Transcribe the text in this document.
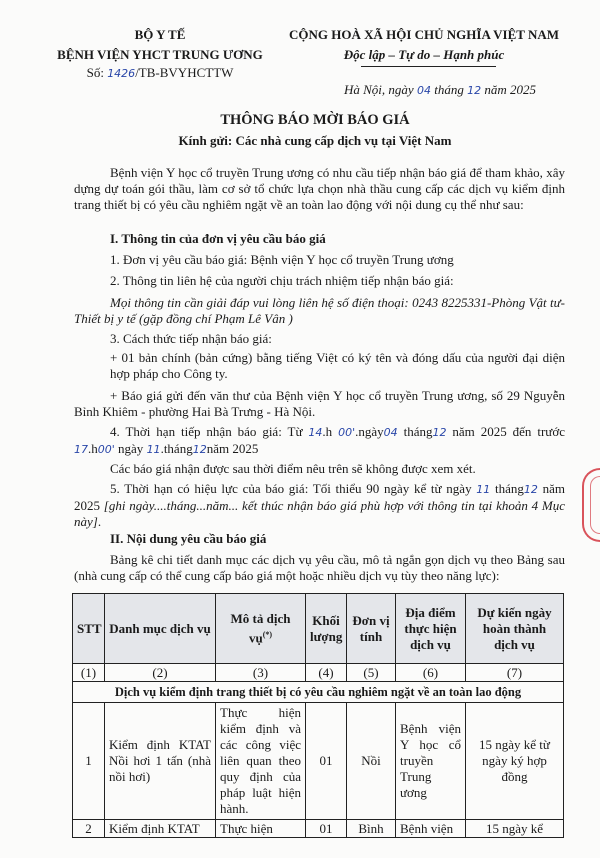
BỘ Y TẾ
BỆNH VIỆN YHCT TRUNG ƯƠNG
Số: 1426/TB-BVYHCTTW
CỘNG HOÀ XÃ HỘI CHỦ NGHĨA VIỆT NAM
Độc lập – Tự do – Hạnh phúc
Hà Nội, ngày 04 tháng 12 năm 2025
THÔNG BÁO MỜI BÁO GIÁ
Kính gửi: Các nhà cung cấp dịch vụ tại Việt Nam
Bệnh viện Y học cổ truyền Trung ương có nhu cầu tiếp nhận báo giá để tham khảo, xây dựng dự toán gói thầu, làm cơ sở tổ chức lựa chọn nhà thầu cung cấp các dịch vụ kiểm định trang thiết bị có yêu cầu nghiêm ngặt về an toàn lao động với nội dung cụ thể như sau:
I. Thông tin của đơn vị yêu cầu báo giá
1. Đơn vị yêu cầu báo giá: Bệnh viện Y học cổ truyền Trung ương
2. Thông tin liên hệ của người chịu trách nhiệm tiếp nhận báo giá:
Mọi thông tin cần giải đáp vui lòng liên hệ số điện thoại: 0243 8225331-Phòng Vật tư-Thiết bị y tế (gặp đồng chí Phạm Lê Vân )
3. Cách thức tiếp nhận báo giá:
+ 01 bản chính (bản cứng) bằng tiếng Việt có ký tên và đóng dấu của người đại diện hợp pháp cho Công ty.
+ Báo giá gửi đến văn thư của Bệnh viện Y học cổ truyền Trung ương, số 29 Nguyễn Bỉnh Khiêm - phường Hai Bà Trưng - Hà Nội.
4. Thời hạn tiếp nhận báo giá: Từ 14.h 00'.ngày04 tháng12 năm 2025 đến trước 17.h00' ngày 11.tháng12năm 2025
Các báo giá nhận được sau thời điểm nêu trên sẽ không được xem xét.
5. Thời hạn có hiệu lực của báo giá: Tối thiểu 90 ngày kể từ ngày 11 tháng12 năm 2025 [ghi ngày....tháng...năm... kết thúc nhận báo giá phù hợp với thông tin tại khoản 4 Mục này].
II. Nội dung yêu cầu báo giá
Bảng kê chi tiết danh mục các dịch vụ yêu cầu, mô tả ngắn gọn dịch vụ theo Bảng sau (nhà cung cấp có thể cung cấp báo giá một hoặc nhiều dịch vụ tùy theo năng lực):
STT	Danh mục dịch vụ	Mô tả dịch vụ(*)	Khối lượng	Đơn vị tính	Địa điểm thực hiện dịch vụ	Dự kiến ngày hoàn thành dịch vụ
(1)	(2)	(3)	(4)	(5)	(6)	(7)
Dịch vụ kiểm định trang thiết bị có yêu cầu nghiêm ngặt về an toàn lao động						
1	Kiểm định KTAT Nồi hơi 1 tấn (nhà nồi hơi)	Thực hiện kiểm định và các công việc liên quan theo quy định của pháp luật hiện hành.	01	Nồi	Bệnh viện Y học cổ truyền Trung ương	15 ngày kể từ ngày ký hợp đồng
2	Kiểm định KTAT	Thực hiện	01	Bình	Bệnh viện	15 ngày kể
